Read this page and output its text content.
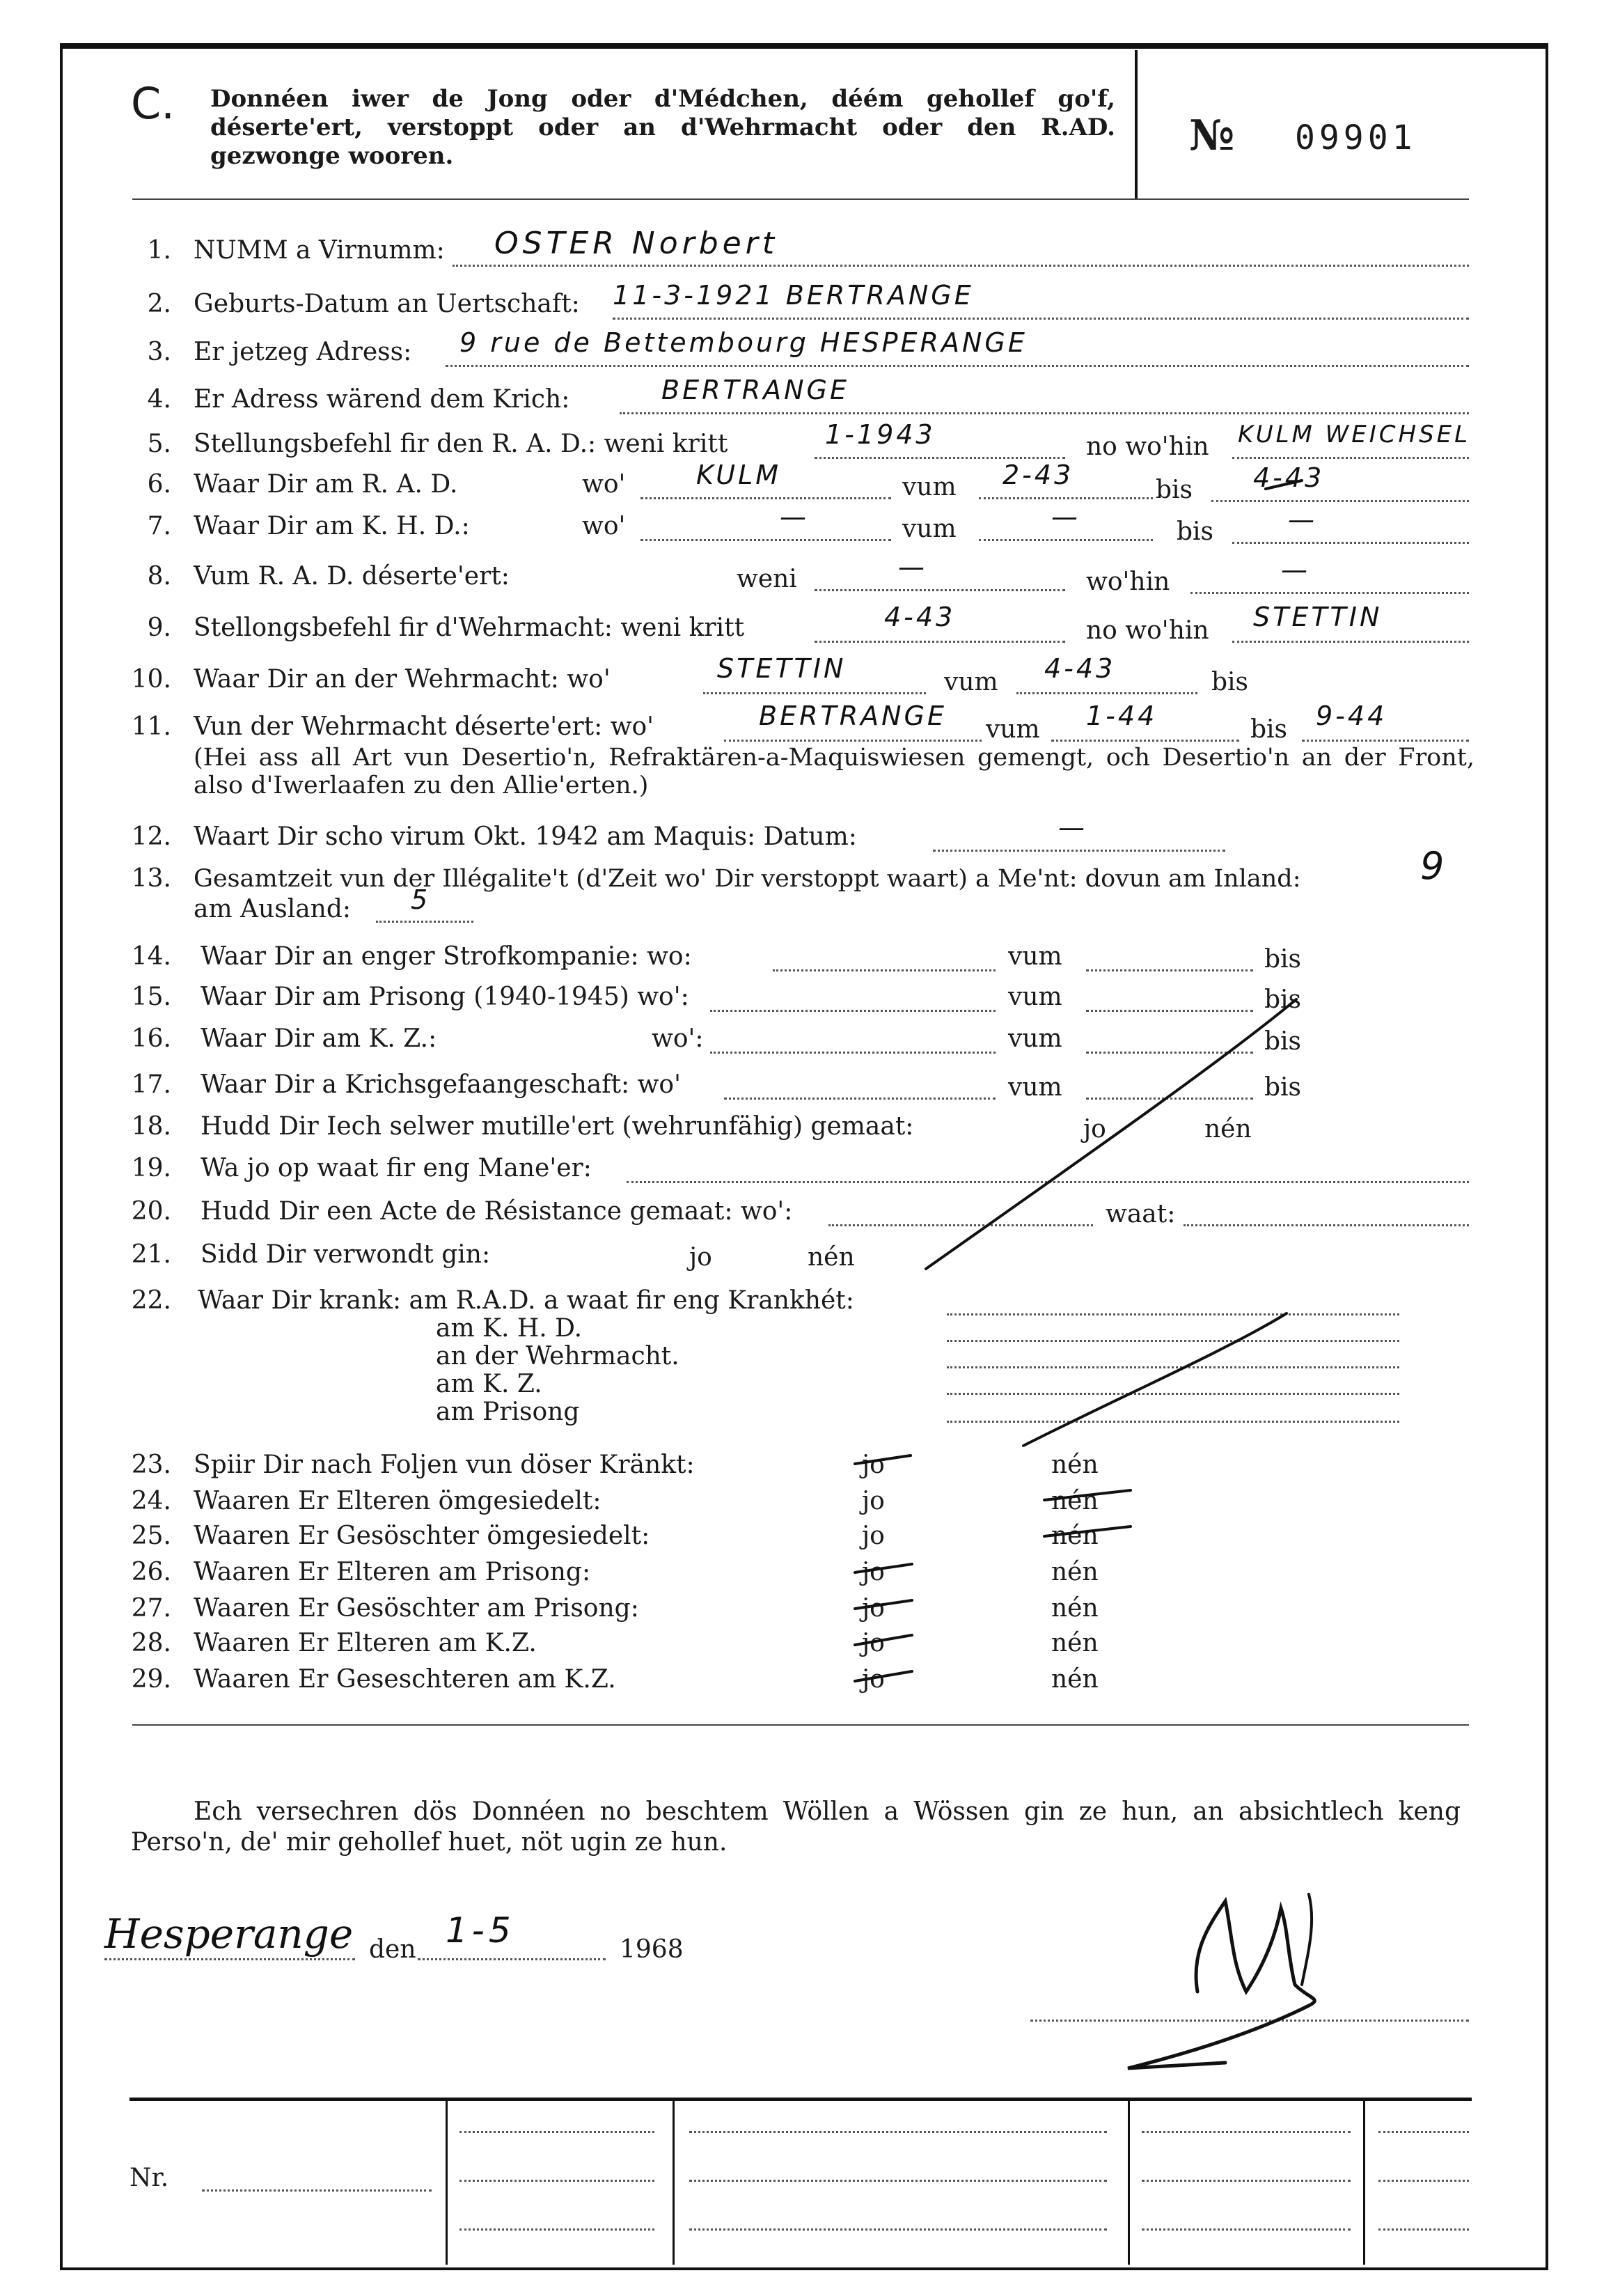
C. Donnéen iwer de Jong oder d'Médchen, déém gehollef go'f, déserte'ert, verstoppt oder an d'Wehrmacht oder den R.AD. gezwonge wooren.	№ 09901
1. NUMM a Virnumm: OSTER Norbert
2. Geburts-Datum an Uertschaft: 11-3-1921 BERTRANGE
3. Er jetzeg Adress: 9 rue de Bettembourg HESPERANGE
4. Er Adress wärend dem Krich:	BERTRANGE
5. Stellungsbefehl fir den R. A. D.: weni kritt	1-1943	no wo'hin KULM WEICHSEL
6. Waar Dir am R. A. D.	wo'	KULM	vum 2-43	bis 4-43
7. Waar Dir am K. H. D.:	wo'	—	vum	—	bis	—
8. Vum R. A. D. déserte'ert:	weni	—	wo'hin	—
9. Stellongsbefehl fir d'Wehrmacht: weni kritt	4-43	no wo'hin STETTIN
10. Waar Dir an der Wehrmacht: wo'	STETTIN	vum 4-43	bis
11. Vun der Wehrmacht déserte'ert: wo'	BERTRANGE vum 1-44	bis 9-44
(Hei ass all Art vun Desertio'n, Refraktären-a-Maquiswiesen gemengt, och Desertio'n an der Front, also d'Iwerlaafen zu den Allie'erten.)
12. Waart Dir scho virum Okt. 1942 am Maquis: Datum:	—
13. Gesamtzeit vun der Illégalite't (d'Zeit wo' Dir verstoppt waart) a Me'nt: dovun am Inland:	9
am Ausland: 5
14. Waar Dir an enger Strofkompanie: wo:	vum	bis
15. Waar Dir am Prisong (1940-1945) wo':	vum	bis
16. Waar Dir am K. Z.:	wo':	vum	bis
17. Waar Dir a Krichsgefaangeschaft: wo'	vum	bis
18. Hudd Dir Iech selwer mutille'ert (wehrunfähig) gemaat:	jo	nén
19. Wa jo op waat fir eng Mane'er:
20. Hudd Dir een Acte de Résistance gemaat: wo':	waat:
21. Sidd Dir verwondt gin:	jo	nén
22. Waar Dir krank: am R.A.D. a waat fir eng Krankhét:
am K. H. D.
an der Wehrmacht.
am K. Z.
am Prisong
23. Spiir Dir nach Foljen vun döser Kränkt:	jo	nén
24. Waaren Er Elteren ömgesiedelt:	jo	nén
25. Waaren Er Gesöschter ömgesiedelt:	jo	nén
26. Waaren Er Elteren am Prisong:	jo	nén
27. Waaren Er Gesöschter am Prisong:	jo	nén
28. Waaren Er Elteren am K.Z.	jo	nén
29. Waaren Er Geseschteren am K.Z.	jo	nén
Ech versechren dös Donnéen no beschtem Wöllen a Wössen gin ze hun, an absichtlech keng Perso'n, de' mir gehollef huet, nöt ugin ze hun.
Hesperange den 1-5	1968
Nr.
